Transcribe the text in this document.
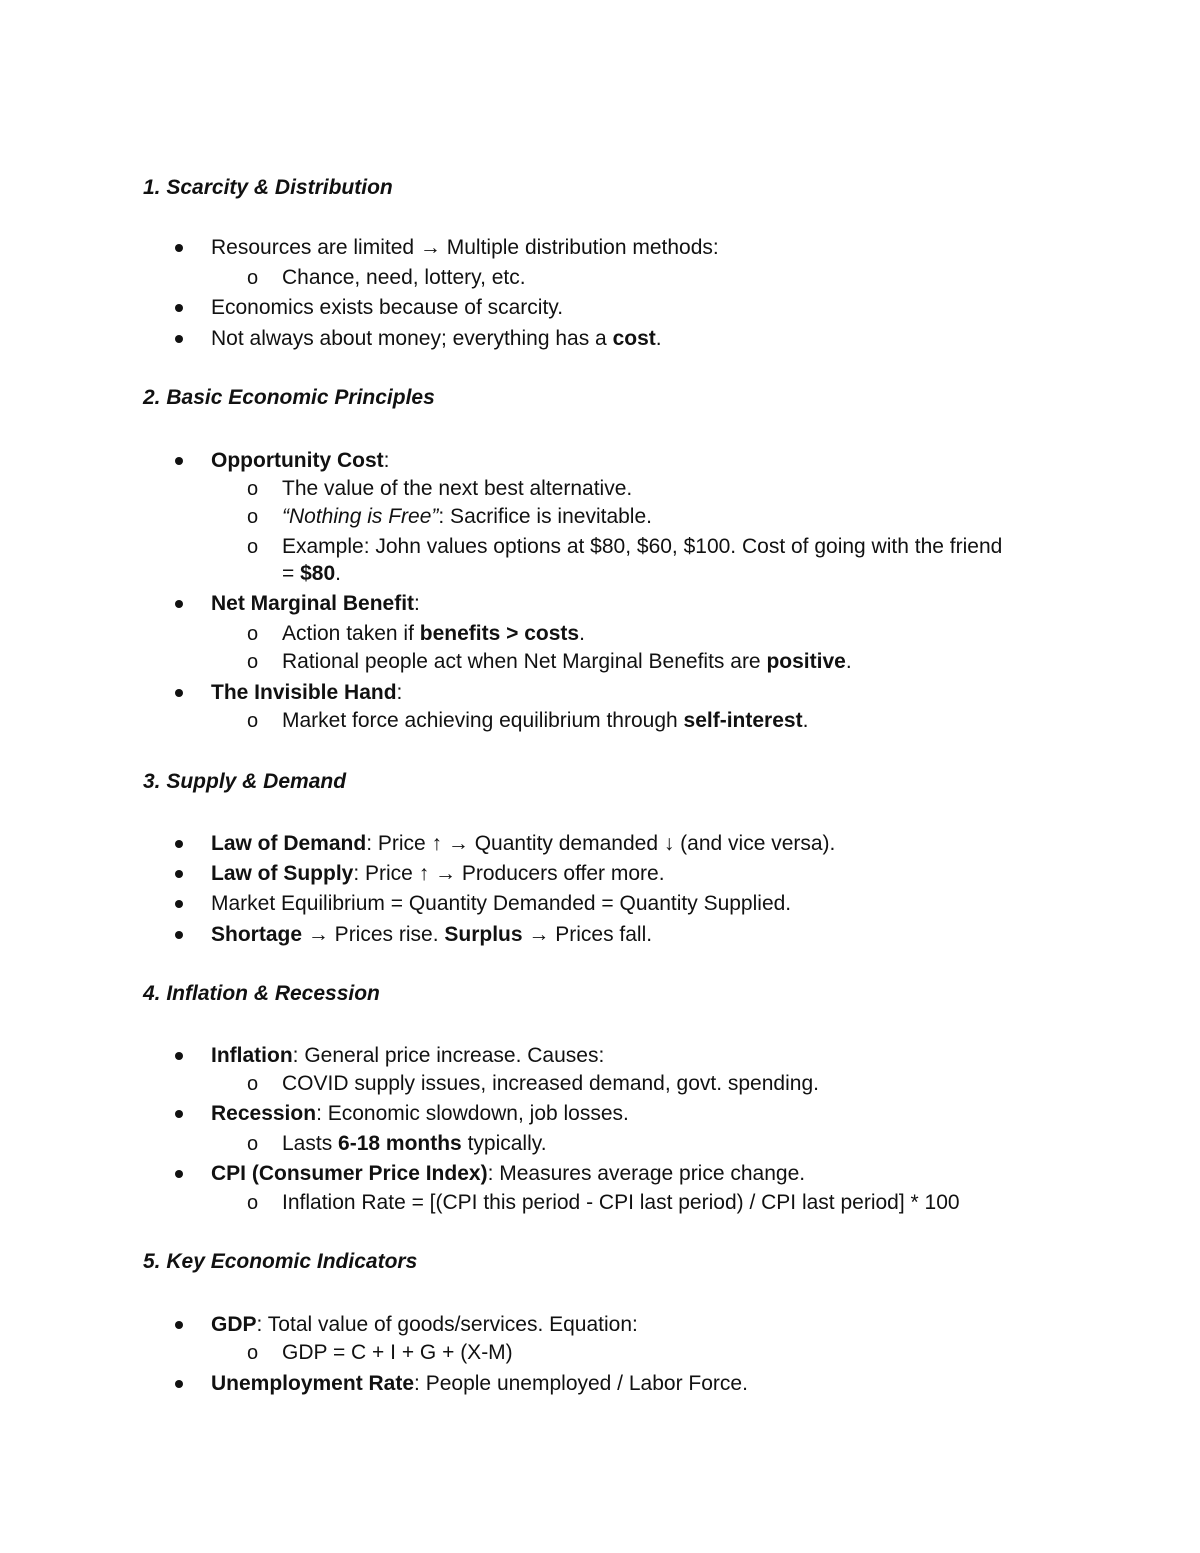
1. Scarcity & Distribution

Resources are limited → Multiple distribution methods:
o Chance, need, lottery, etc.
Economics exists because of scarcity.
Not always about money; everything has a cost.

2. Basic Economic Principles

Opportunity Cost:
o The value of the next best alternative.
o “Nothing is Free”: Sacrifice is inevitable.
o Example: John values options at $80, $60, $100. Cost of going with the friend
= $80.
Net Marginal Benefit:
o Action taken if benefits > costs.
o Rational people act when Net Marginal Benefits are positive.
The Invisible Hand:
o Market force achieving equilibrium through self-interest.

3. Supply & Demand

Law of Demand: Price ↑ → Quantity demanded ↓ (and vice versa).
Law of Supply: Price ↑ → Producers offer more.
Market Equilibrium = Quantity Demanded = Quantity Supplied.
Shortage → Prices rise. Surplus → Prices fall.

4. Inflation & Recession

Inflation: General price increase. Causes:
o COVID supply issues, increased demand, govt. spending.
Recession: Economic slowdown, job losses.
o Lasts 6-18 months typically.
CPI (Consumer Price Index): Measures average price change.
o Inflation Rate = [(CPI this period - CPI last period) / CPI last period] * 100

5. Key Economic Indicators

GDP: Total value of goods/services. Equation:
o GDP = C + I + G + (X-M)
Unemployment Rate: People unemployed / Labor Force.
